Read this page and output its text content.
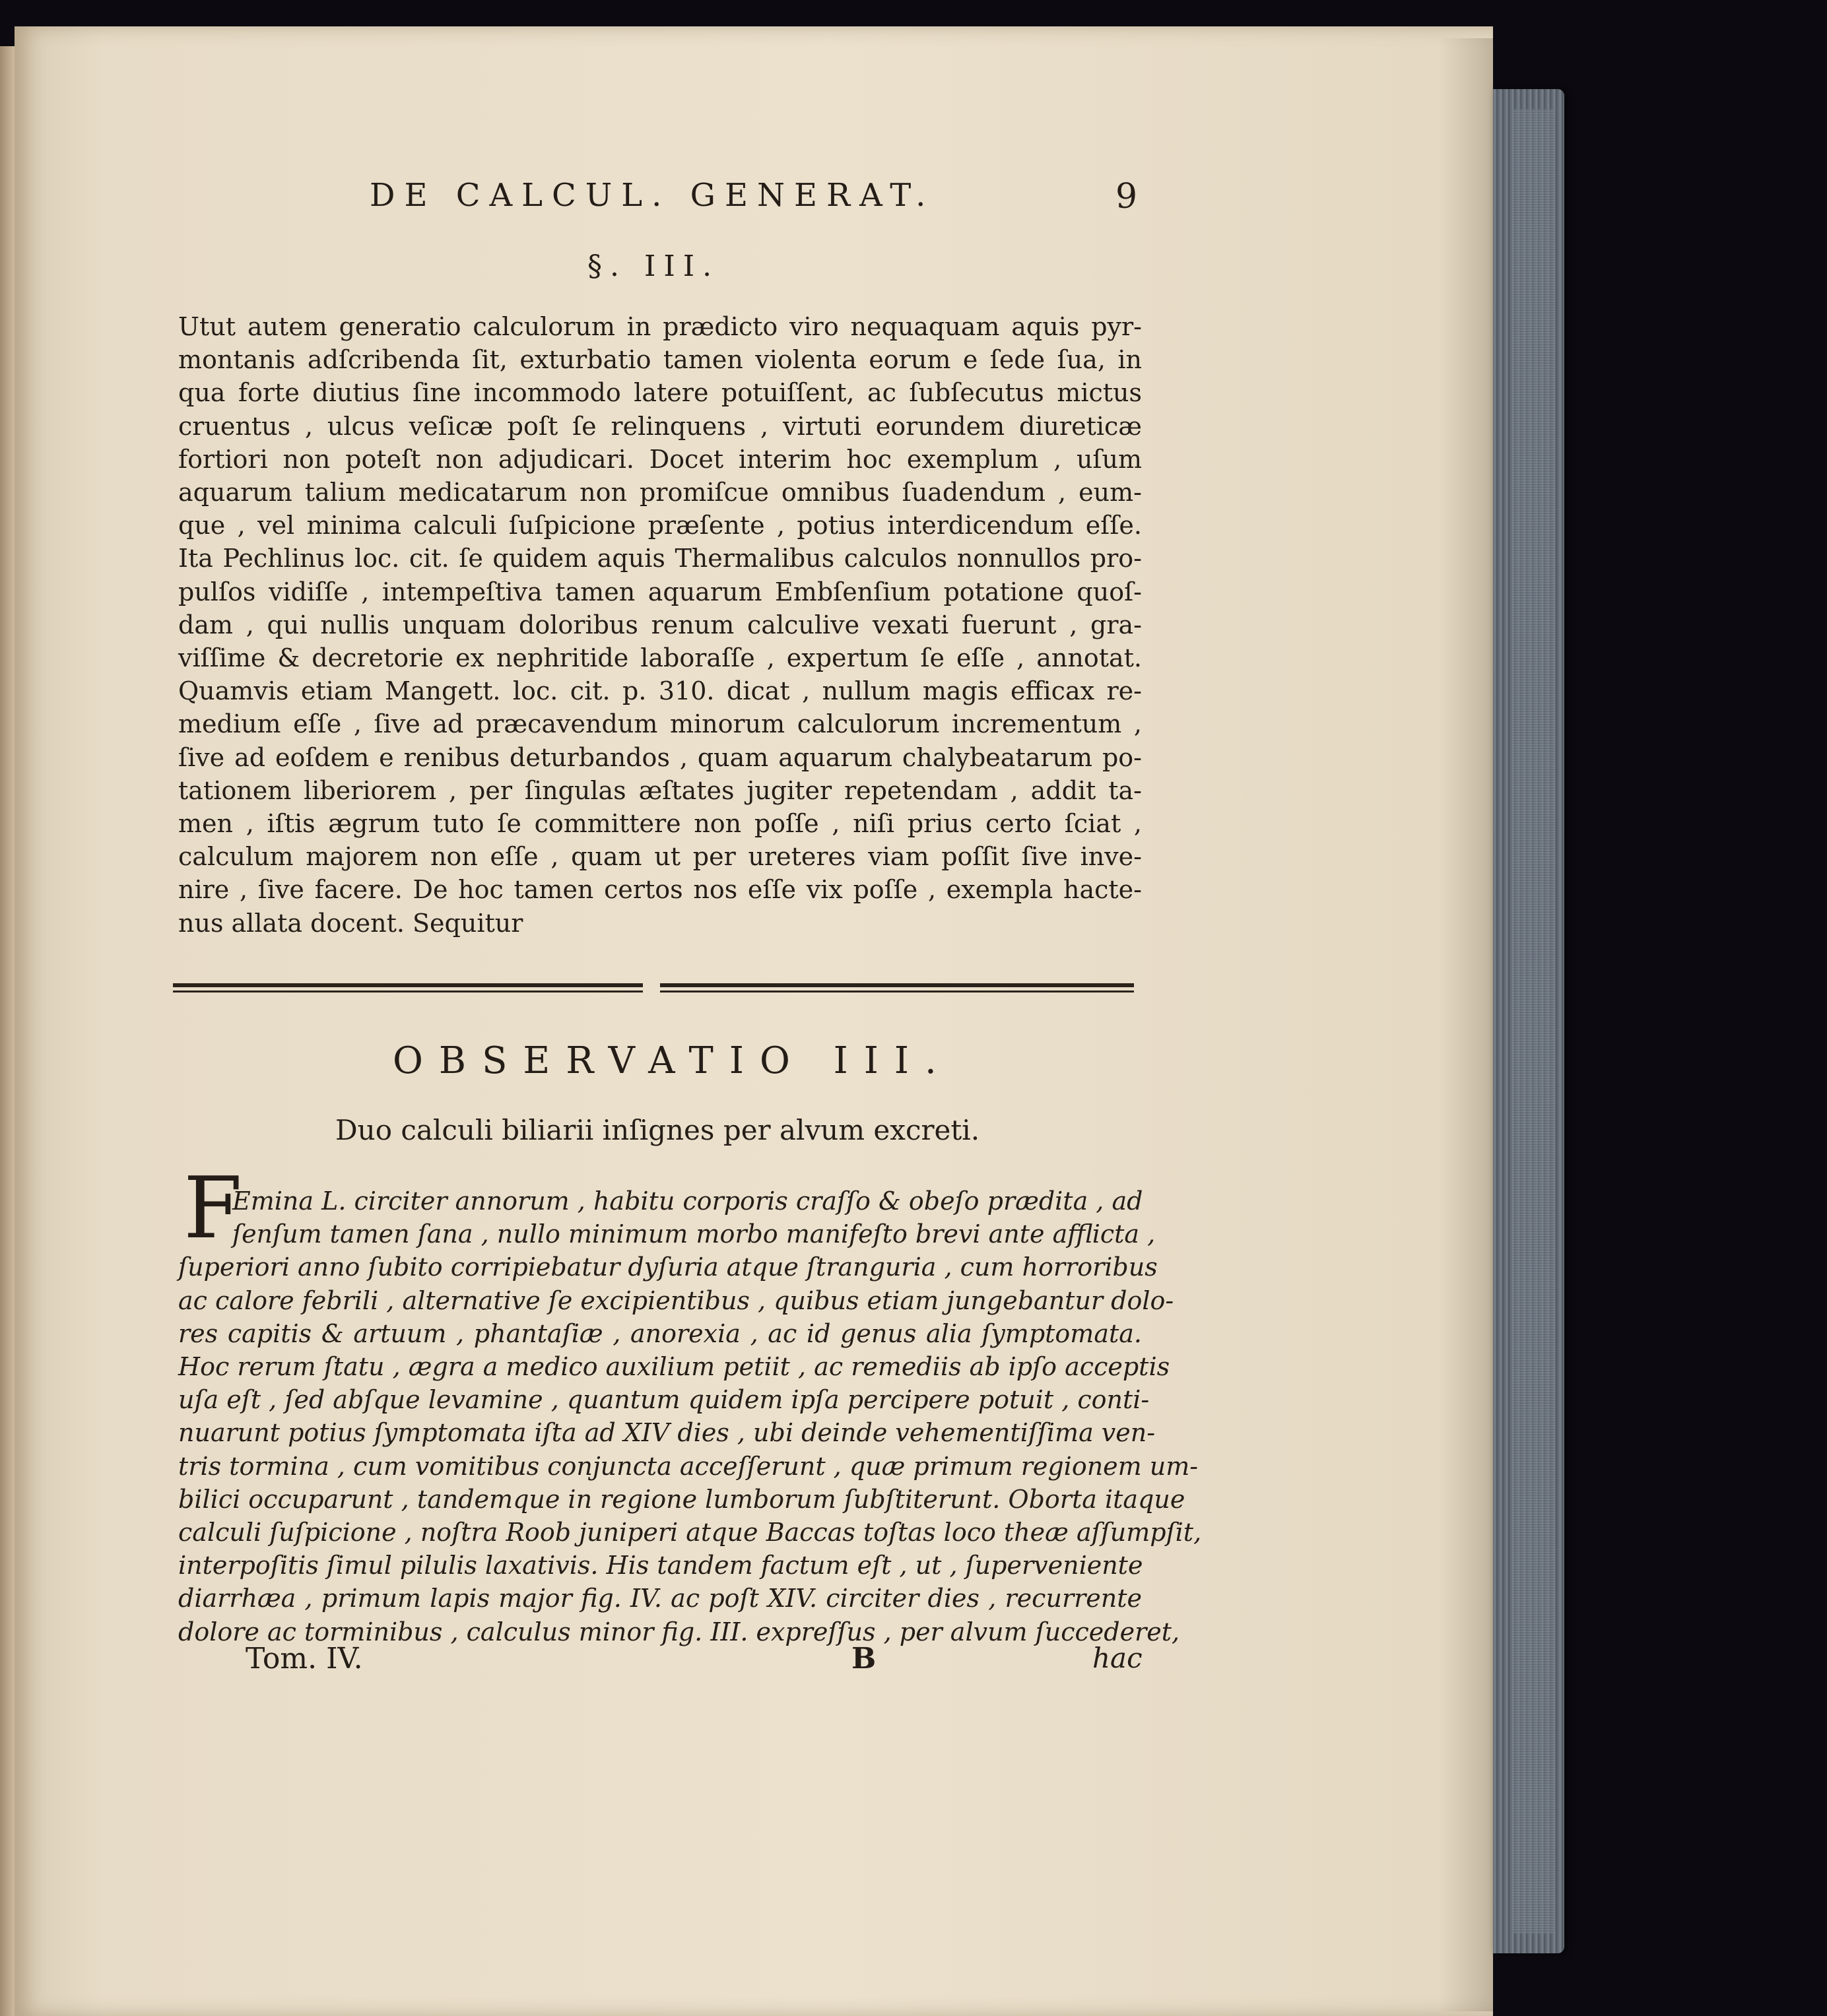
DE CALCUL. GENERAT.	9
§. III.
Utut autem generatio calculorum in prædicto viro nequaquam aquis pyr-
montanis adſcribenda ſit, exturbatio tamen violenta eorum e ſede ſua, in
qua forte diutius ſine incommodo latere potuiſſent, ac ſubſecutus mictus
cruentus , ulcus veſicæ poſt ſe relinquens , virtuti eorundem diureticæ
fortiori non poteſt non adjudicari. Docet interim hoc exemplum , uſum
aquarum talium medicatarum non promiſcue omnibus ſuadendum , eum-
que , vel minima calculi ſuſpicione præſente , potius interdicendum eſſe.
Ita Pechlinus loc. cit. ſe quidem aquis Thermalibus calculos nonnullos pro-
pulſos vidiſſe , intempeſtiva tamen aquarum Embſenſium potatione quoſ-
dam , qui nullis unquam doloribus renum calculive vexati fuerunt , gra-
viſſime & decretorie ex nephritide laboraſſe , expertum ſe eſſe , annotat.
Quamvis etiam Mangett. loc. cit. p. 310. dicat , nullum magis efficax re-
medium eſſe , ſive ad præcavendum minorum calculorum incrementum ,
ſive ad eoſdem e renibus deturbandos , quam aquarum chalybeatarum po-
tationem liberiorem , per ſingulas æſtates jugiter repetendam , addit ta-
men , iſtis ægrum tuto ſe committere non poſſe , niſi prius certo ſciat ,
calculum majorem non eſſe , quam ut per ureteres viam poſſit ſive inve-
nire , ſive facere. De hoc tamen certos nos eſſe vix poſſe , exempla hacte-
nus allata docent. Sequitur
OBSERVATIO III.
Duo calculi biliarii inſignes per alvum excreti.
F
Emina L. circiter annorum , habitu corporis craſſo & obeſo prædita , ad
ſenſum tamen ſana , nullo minimum morbo manifeſto brevi ante afflicta ,
ſuperiori anno ſubito corripiebatur dyſuria atque ſtranguria , cum horroribus
ac calore febrili , alternative ſe excipientibus , quibus etiam jungebantur dolo-
res capitis & artuum , phantaſiæ , anorexia , ac id genus alia ſymptomata.
Hoc rerum ſtatu , ægra a medico auxilium petiit , ac remediis ab ipſo acceptis
uſa eſt , ſed abſque levamine , quantum quidem ipſa percipere potuit , conti-
nuarunt potius ſymptomata iſta ad XIV dies , ubi deinde vehementiſſima ven-
tris tormina , cum vomitibus conjuncta acceſſerunt , quæ primum regionem um-
bilici occuparunt , tandemque in regione lumborum ſubſtiterunt. Oborta itaque
calculi ſuſpicione , noſtra Roob juniperi atque Baccas toſtas loco theæ aſſumpſit,
interpoſitis ſimul pilulis laxativis. His tandem factum eſt , ut , ſuperveniente
diarrhæa , primum lapis major fig. IV. ac poſt XIV. circiter dies , recurrente
dolore ac torminibus , calculus minor fig. III. expreſſus , per alvum ſuccederet,
Tom. IV.	B	hac
